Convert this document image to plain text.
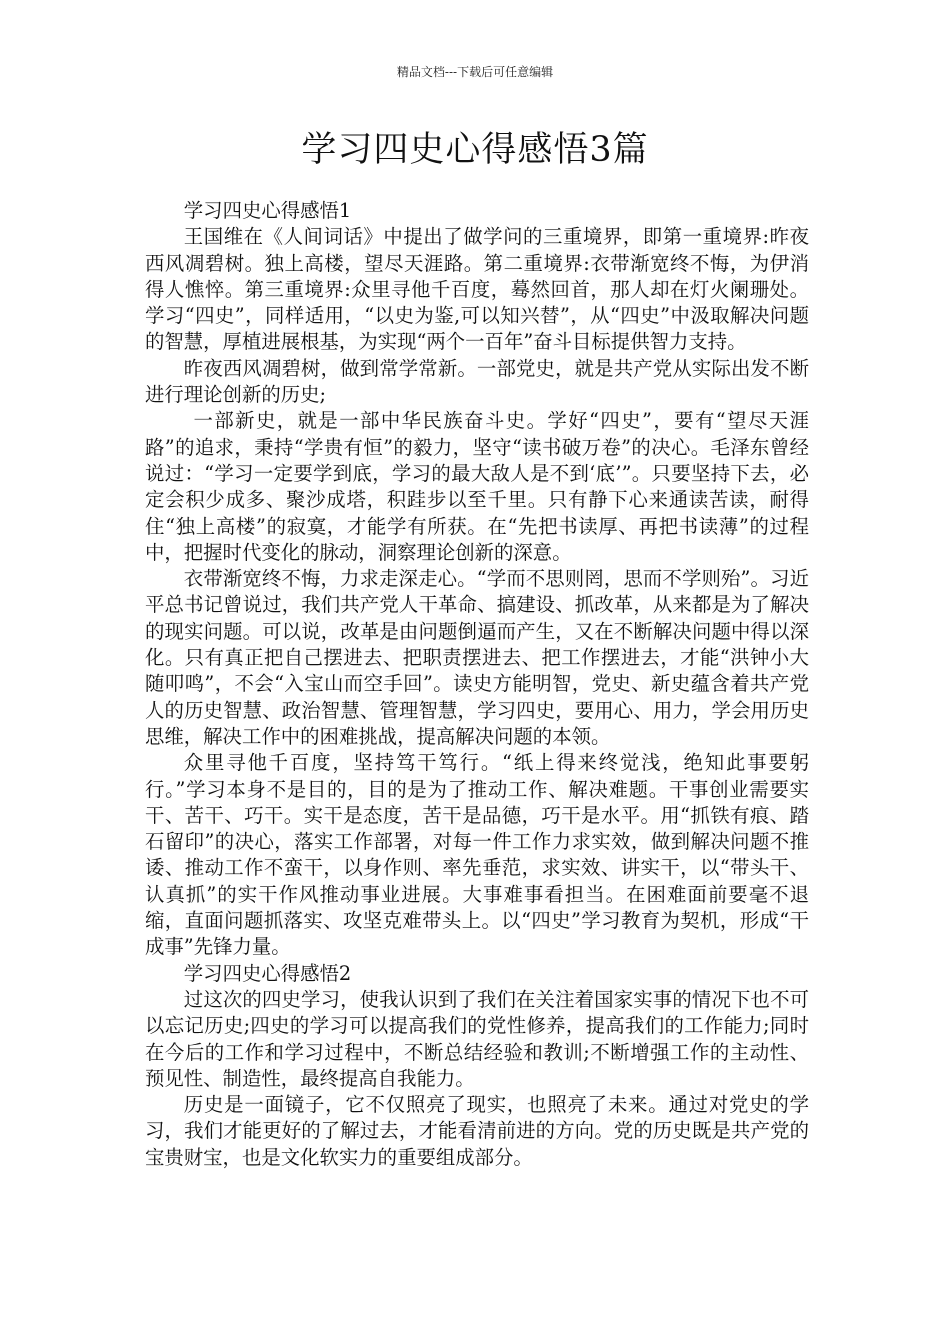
精品文档---下载后可任意编辑
学习四史心得感悟3篇

学习四史心得感悟1

王国维在《人间词话》中提出了做学问的三重境界，即第一重境界:昨夜西风凋碧树。独上高楼，望尽天涯路。第二重境界:衣带渐宽终不悔，为伊消得人憔悴。第三重境界:众里寻他千百度，蓦然回首，那人却在灯火阑珊处。学习“四史”，同样适用，“以史为鉴,可以知兴替”，从“四史”中汲取解决问题的智慧，厚植进展根基，为实现“两个一百年”奋斗目标提供智力支持。

昨夜西风凋碧树，做到常学常新。一部党史，就是共产党从实际出发不断进行理论创新的历史;

一部新史，就是一部中华民族奋斗史。学好“四史”，要有“望尽天涯路”的追求，秉持“学贵有恒”的毅力，坚守“读书破万卷”的决心。毛泽东曾经说过：“学习一定要学到底，学习的最大敌人是不到‘底’”。只要坚持下去，必定会积少成多、聚沙成塔，积跬步以至千里。只有静下心来通读苦读，耐得住“独上高楼”的寂寞，才能学有所获。在“先把书读厚、再把书读薄”的过程中，把握时代变化的脉动，洞察理论创新的深意。

衣带渐宽终不悔，力求走深走心。“学而不思则罔，思而不学则殆”。习近平总书记曾说过，我们共产党人干革命、搞建设、抓改革，从来都是为了解决的现实问题。可以说，改革是由问题倒逼而产生，又在不断解决问题中得以深化。只有真正把自己摆进去、把职责摆进去、把工作摆进去，才能“洪钟小大随叩鸣”，不会“入宝山而空手回”。读史方能明智，党史、新史蕴含着共产党人的历史智慧、政治智慧、管理智慧，学习四史，要用心、用力，学会用历史思维，解决工作中的困难挑战，提高解决问题的本领。

众里寻他千百度，坚持笃干笃行。“纸上得来终觉浅，绝知此事要躬行。”学习本身不是目的，目的是为了推动工作、解决难题。干事创业需要实干、苦干、巧干。实干是态度，苦干是品德，巧干是水平。用“抓铁有痕、踏石留印”的决心，落实工作部署，对每一件工作力求实效，做到解决问题不推诿、推动工作不蛮干，以身作则、率先垂范，求实效、讲实干，以“带头干、认真抓”的实干作风推动事业进展。大事难事看担当。在困难面前要毫不退缩，直面问题抓落实、攻坚克难带头上。以“四史”学习教育为契机，形成“干成事”先锋力量。

学习四史心得感悟2

过这次的四史学习，使我认识到了我们在关注着国家实事的情况下也不可以忘记历史;四史的学习可以提高我们的党性修养，提高我们的工作能力;同时在今后的工作和学习过程中，不断总结经验和教训;不断增强工作的主动性、预见性、制造性，最终提高自我能力。

历史是一面镜子，它不仅照亮了现实，也照亮了未来。通过对党史的学习，我们才能更好的了解过去，才能看清前进的方向。党的历史既是共产党的宝贵财宝，也是文化软实力的重要组成部分。
